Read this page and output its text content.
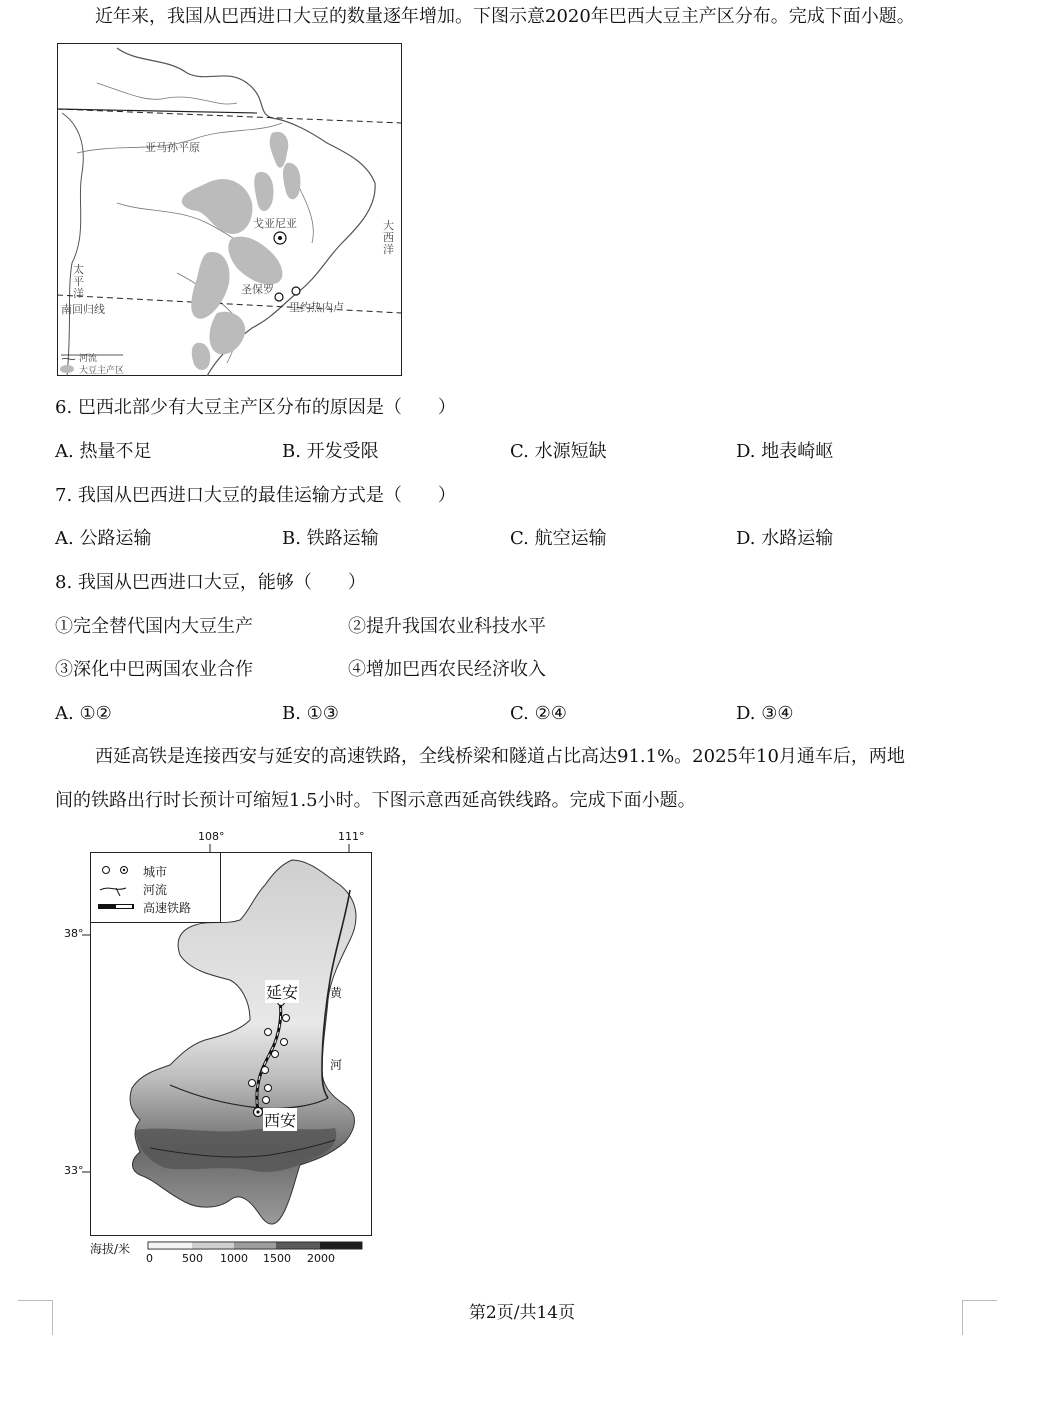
近年来，我国从巴西进口大豆的数量逐年增加。下图示意2020年巴西大豆主产区分布。完成下面小题。
亚马孙平原
戈亚尼亚	大
西
洋
太
平
洋
南回归线
圣保罗
里约热内卢
河流
大豆主产区
6. 巴西北部少有大豆主产区分布的原因是（　　）
A. 热量不足	B. 开发受限	C. 水源短缺	D. 地表崎岖
7. 我国从巴西进口大豆的最佳运输方式是（　　）
A. 公路运输	B. 铁路运输	C. 航空运输	D. 水路运输
8. 我国从巴西进口大豆，能够（　　）
①完全替代国内大豆生产	②提升我国农业科技水平
③深化中巴两国农业合作	④增加巴西农民经济收入
A. ①②	B. ①③	C. ②④	D. ③④
西延高铁是连接西安与延安的高速铁路，全线桥梁和隧道占比高达91.1%。2025年10月通车后，两地
间的铁路出行时长预计可缩短1.5小时。下图示意西延高铁线路。完成下面小题。
108°	111°
38°
33°
城市
河流
高速铁路
延安
西安
黄
河
海拔/米
0	500 1000 1500 2000
第2页/共14页
